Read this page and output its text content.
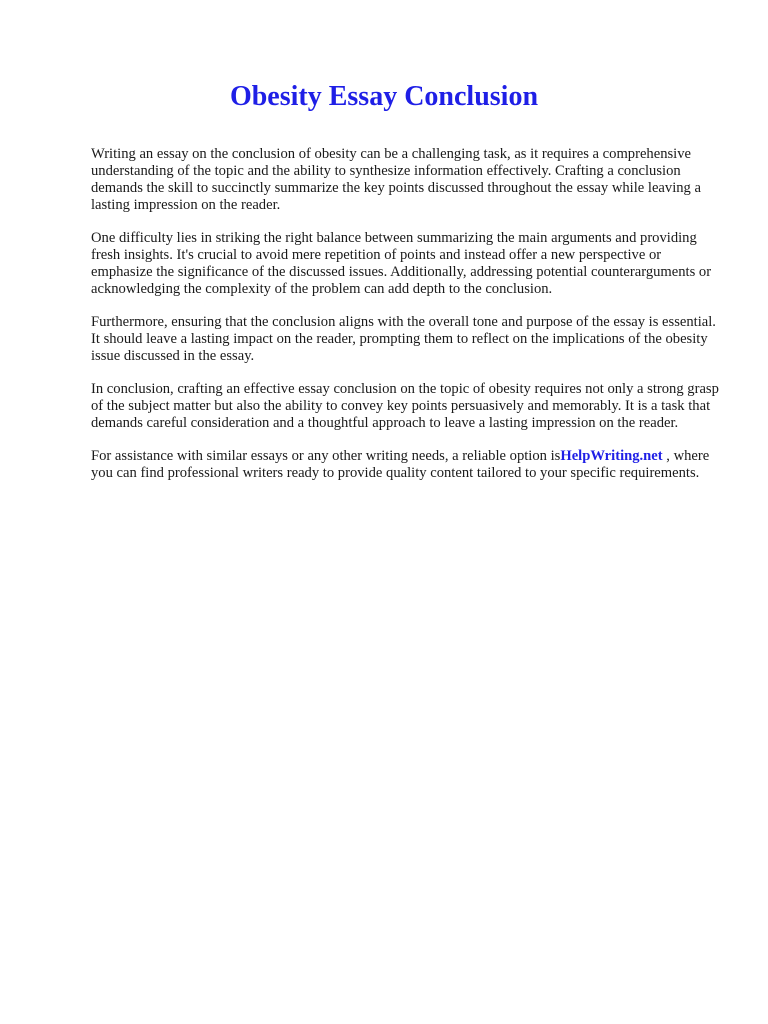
Obesity Essay Conclusion

Writing an essay on the conclusion of obesity can be a challenging task, as it requires a comprehensive understanding of the topic and the ability to synthesize information effectively. Crafting a conclusion demands the skill to succinctly summarize the key points discussed throughout the essay while leaving a lasting impression on the reader.

One difficulty lies in striking the right balance between summarizing the main arguments and providing fresh insights. It's crucial to avoid mere repetition of points and instead offer a new perspective or emphasize the significance of the discussed issues. Additionally, addressing potential counterarguments or acknowledging the complexity of the problem can add depth to the conclusion.

Furthermore, ensuring that the conclusion aligns with the overall tone and purpose of the essay is essential. It should leave a lasting impact on the reader, prompting them to reflect on the implications of the obesity issue discussed in the essay.

In conclusion, crafting an effective essay conclusion on the topic of obesity requires not only a strong grasp of the subject matter but also the ability to convey key points persuasively and memorably. It is a task that demands careful consideration and a thoughtful approach to leave a lasting impression on the reader.

For assistance with similar essays or any other writing needs, a reliable option isHelpWriting.net , where you can find professional writers ready to provide quality content tailored to your specific requirements.
